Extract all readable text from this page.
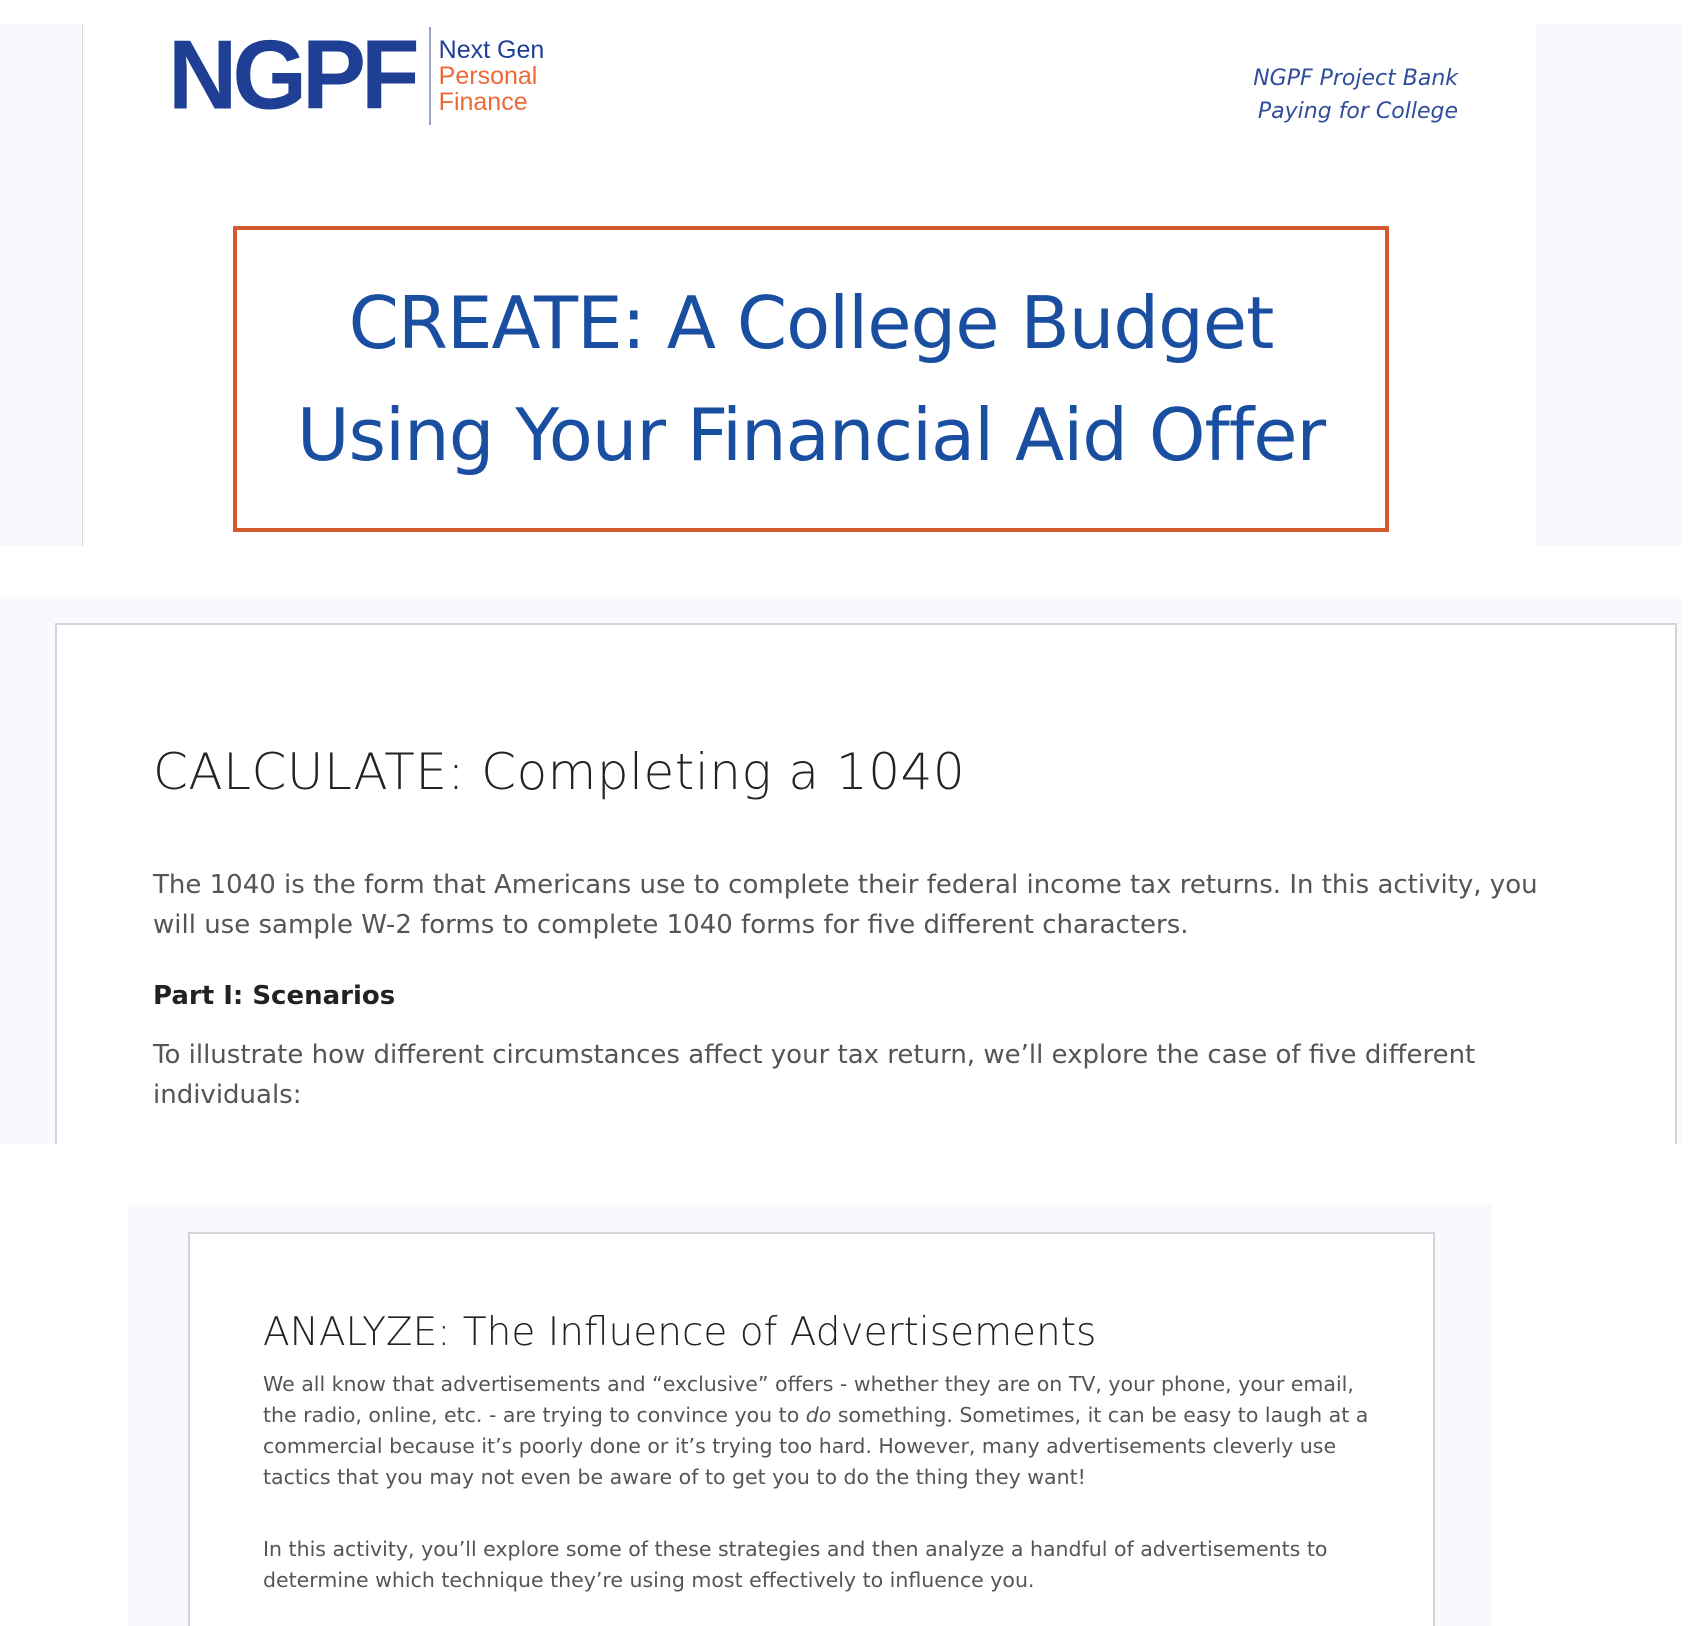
NGPF Next Gen
Personal
Finance
NGPF Project Bank
Paying for College
CREATE: A College Budget
Using Your Financial Aid Offer
CALCULATE: Completing a 1040

The 1040 is the form that Americans use to complete their federal income tax returns. In this activity, you will use sample W-2 forms to complete 1040 forms for five different characters.

Part I: Scenarios

To illustrate how different circumstances affect your tax return, we’ll explore the case of five different individuals:

ANALYZE: The Influence of Advertisements

We all know that advertisements and “exclusive” offers - whether they are on TV, your phone, your email, the radio, online, etc. - are trying to convince you to do something. Sometimes, it can be easy to laugh at a commercial because it’s poorly done or it’s trying too hard. However, many advertisements cleverly use tactics that you may not even be aware of to get you to do the thing they want!

In this activity, you’ll explore some of these strategies and then analyze a handful of advertisements to determine which technique they’re using most effectively to influence you.
